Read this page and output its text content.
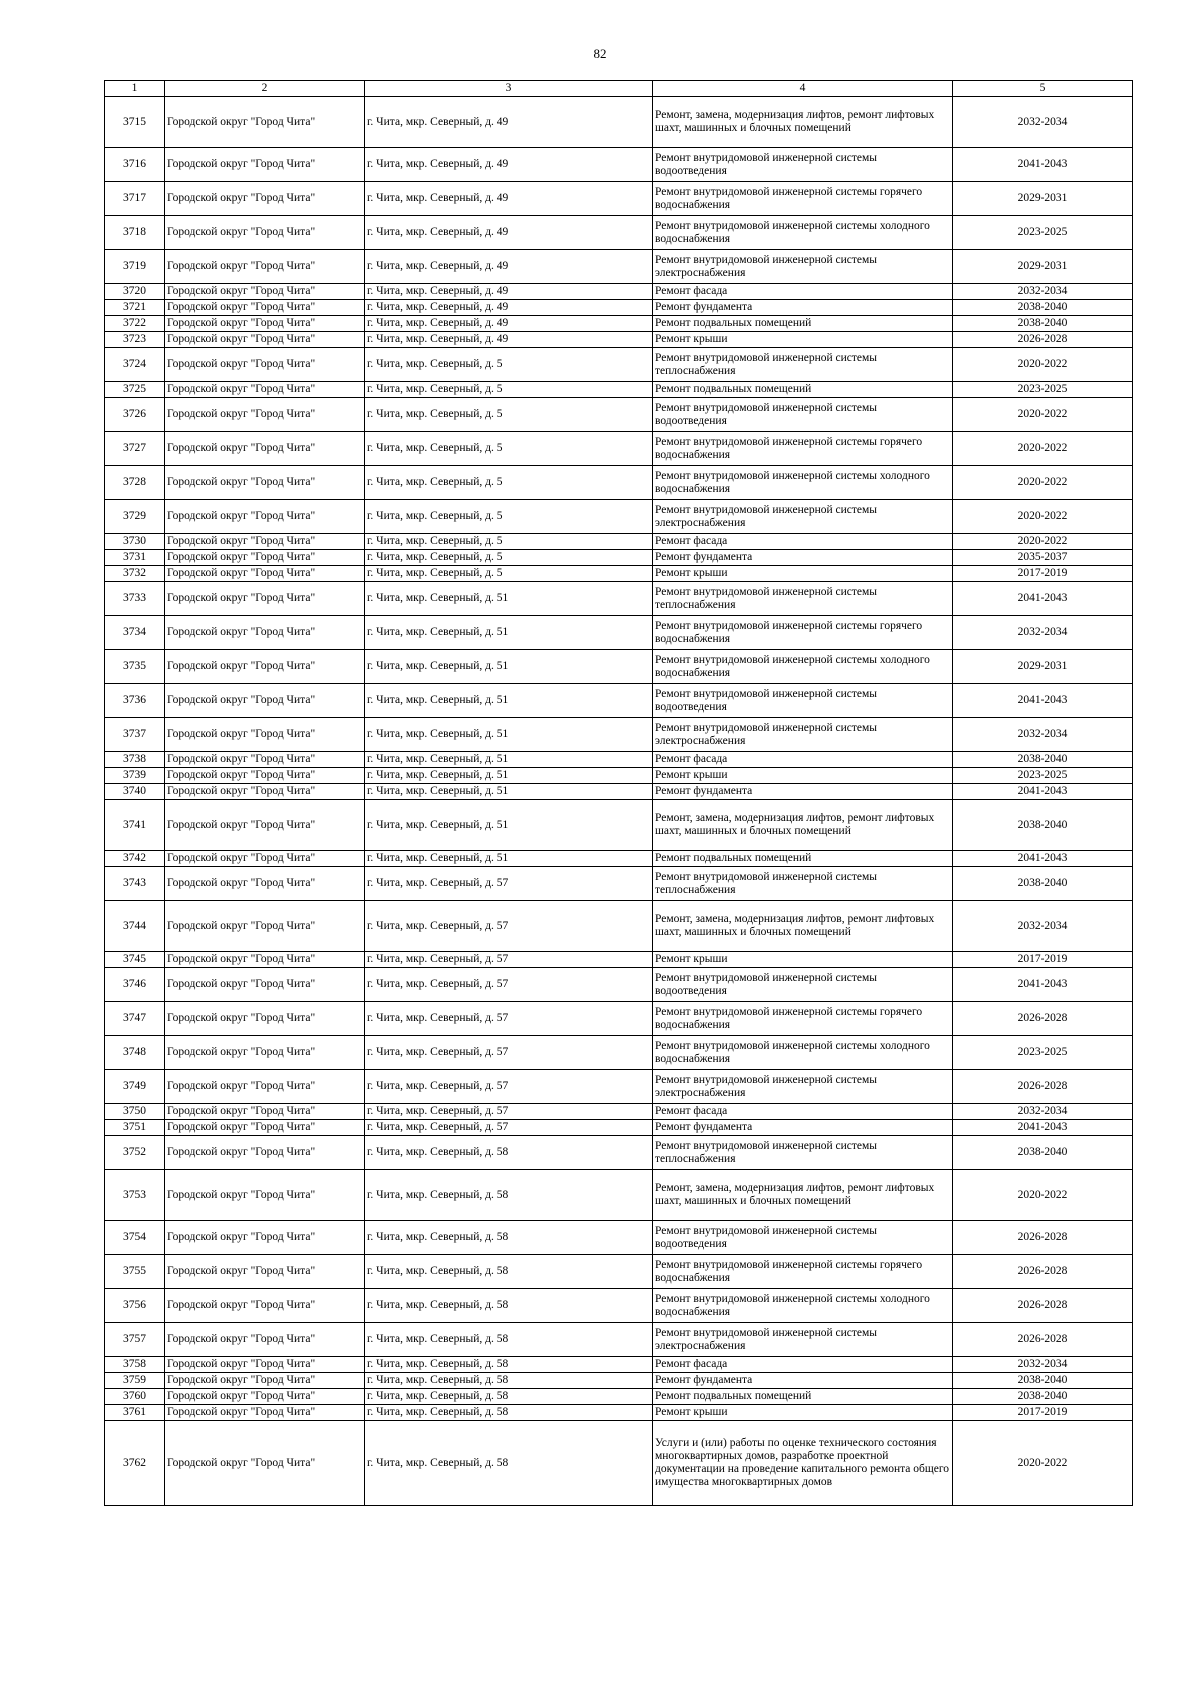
82
1	2	3	4	5
3715	Городской округ "Город Чита"	г. Чита, мкр. Северный, д. 49	Ремонт, замена, модернизация лифтов, ремонт лифтовых шахт, машинных и блочных помещений	2032-2034
3716	Городской округ "Город Чита"	г. Чита, мкр. Северный, д. 49	Ремонт внутридомовой инженерной системы водоотведения	2041-2043
3717	Городской округ "Город Чита"	г. Чита, мкр. Северный, д. 49	Ремонт внутридомовой инженерной системы горячего водоснабжения	2029-2031
3718	Городской округ "Город Чита"	г. Чита, мкр. Северный, д. 49	Ремонт внутридомовой инженерной системы холодного водоснабжения	2023-2025
3719	Городской округ "Город Чита"	г. Чита, мкр. Северный, д. 49	Ремонт внутридомовой инженерной системы электроснабжения	2029-2031
3720	Городской округ "Город Чита"	г. Чита, мкр. Северный, д. 49	Ремонт фасада	2032-2034
3721	Городской округ "Город Чита"	г. Чита, мкр. Северный, д. 49	Ремонт фундамента	2038-2040
3722	Городской округ "Город Чита"	г. Чита, мкр. Северный, д. 49	Ремонт подвальных помещений	2038-2040
3723	Городской округ "Город Чита"	г. Чита, мкр. Северный, д. 49	Ремонт крыши	2026-2028
3724	Городской округ "Город Чита"	г. Чита, мкр. Северный, д. 5	Ремонт внутридомовой инженерной системы теплоснабжения	2020-2022
3725	Городской округ "Город Чита"	г. Чита, мкр. Северный, д. 5	Ремонт подвальных помещений	2023-2025
3726	Городской округ "Город Чита"	г. Чита, мкр. Северный, д. 5	Ремонт внутридомовой инженерной системы водоотведения	2020-2022
3727	Городской округ "Город Чита"	г. Чита, мкр. Северный, д. 5	Ремонт внутридомовой инженерной системы горячего водоснабжения	2020-2022
3728	Городской округ "Город Чита"	г. Чита, мкр. Северный, д. 5	Ремонт внутридомовой инженерной системы холодного водоснабжения	2020-2022
3729	Городской округ "Город Чита"	г. Чита, мкр. Северный, д. 5	Ремонт внутридомовой инженерной системы электроснабжения	2020-2022
3730	Городской округ "Город Чита"	г. Чита, мкр. Северный, д. 5	Ремонт фасада	2020-2022
3731	Городской округ "Город Чита"	г. Чита, мкр. Северный, д. 5	Ремонт фундамента	2035-2037
3732	Городской округ "Город Чита"	г. Чита, мкр. Северный, д. 5	Ремонт крыши	2017-2019
3733	Городской округ "Город Чита"	г. Чита, мкр. Северный, д. 51	Ремонт внутридомовой инженерной системы теплоснабжения	2041-2043
3734	Городской округ "Город Чита"	г. Чита, мкр. Северный, д. 51	Ремонт внутридомовой инженерной системы горячего водоснабжения	2032-2034
3735	Городской округ "Город Чита"	г. Чита, мкр. Северный, д. 51	Ремонт внутридомовой инженерной системы холодного водоснабжения	2029-2031
3736	Городской округ "Город Чита"	г. Чита, мкр. Северный, д. 51	Ремонт внутридомовой инженерной системы водоотведения	2041-2043
3737	Городской округ "Город Чита"	г. Чита, мкр. Северный, д. 51	Ремонт внутридомовой инженерной системы электроснабжения	2032-2034
3738	Городской округ "Город Чита"	г. Чита, мкр. Северный, д. 51	Ремонт фасада	2038-2040
3739	Городской округ "Город Чита"	г. Чита, мкр. Северный, д. 51	Ремонт крыши	2023-2025
3740	Городской округ "Город Чита"	г. Чита, мкр. Северный, д. 51	Ремонт фундамента	2041-2043
3741	Городской округ "Город Чита"	г. Чита, мкр. Северный, д. 51	Ремонт, замена, модернизация лифтов, ремонт лифтовых шахт, машинных и блочных помещений	2038-2040
3742	Городской округ "Город Чита"	г. Чита, мкр. Северный, д. 51	Ремонт подвальных помещений	2041-2043
3743	Городской округ "Город Чита"	г. Чита, мкр. Северный, д. 57	Ремонт внутридомовой инженерной системы теплоснабжения	2038-2040
3744	Городской округ "Город Чита"	г. Чита, мкр. Северный, д. 57	Ремонт, замена, модернизация лифтов, ремонт лифтовых шахт, машинных и блочных помещений	2032-2034
3745	Городской округ "Город Чита"	г. Чита, мкр. Северный, д. 57	Ремонт крыши	2017-2019
3746	Городской округ "Город Чита"	г. Чита, мкр. Северный, д. 57	Ремонт внутридомовой инженерной системы водоотведения	2041-2043
3747	Городской округ "Город Чита"	г. Чита, мкр. Северный, д. 57	Ремонт внутридомовой инженерной системы горячего водоснабжения	2026-2028
3748	Городской округ "Город Чита"	г. Чита, мкр. Северный, д. 57	Ремонт внутридомовой инженерной системы холодного водоснабжения	2023-2025
3749	Городской округ "Город Чита"	г. Чита, мкр. Северный, д. 57	Ремонт внутридомовой инженерной системы электроснабжения	2026-2028
3750	Городской округ "Город Чита"	г. Чита, мкр. Северный, д. 57	Ремонт фасада	2032-2034
3751	Городской округ "Город Чита"	г. Чита, мкр. Северный, д. 57	Ремонт фундамента	2041-2043
3752	Городской округ "Город Чита"	г. Чита, мкр. Северный, д. 58	Ремонт внутридомовой инженерной системы теплоснабжения	2038-2040
3753	Городской округ "Город Чита"	г. Чита, мкр. Северный, д. 58	Ремонт, замена, модернизация лифтов, ремонт лифтовых шахт, машинных и блочных помещений	2020-2022
3754	Городской округ "Город Чита"	г. Чита, мкр. Северный, д. 58	Ремонт внутридомовой инженерной системы водоотведения	2026-2028
3755	Городской округ "Город Чита"	г. Чита, мкр. Северный, д. 58	Ремонт внутридомовой инженерной системы горячего водоснабжения	2026-2028
3756	Городской округ "Город Чита"	г. Чита, мкр. Северный, д. 58	Ремонт внутридомовой инженерной системы холодного водоснабжения	2026-2028
3757	Городской округ "Город Чита"	г. Чита, мкр. Северный, д. 58	Ремонт внутридомовой инженерной системы электроснабжения	2026-2028
3758	Городской округ "Город Чита"	г. Чита, мкр. Северный, д. 58	Ремонт фасада	2032-2034
3759	Городской округ "Город Чита"	г. Чита, мкр. Северный, д. 58	Ремонт фундамента	2038-2040
3760	Городской округ "Город Чита"	г. Чита, мкр. Северный, д. 58	Ремонт подвальных помещений	2038-2040
3761	Городской округ "Город Чита"	г. Чита, мкр. Северный, д. 58	Ремонт крыши	2017-2019
3762	Городской округ "Город Чита"	г. Чита, мкр. Северный, д. 58	Услуги и (или) работы по оценке технического состояния многоквартирных домов, разработке проектной документации на проведение капитального ремонта общего имущества многоквартирных домов	2020-2022
